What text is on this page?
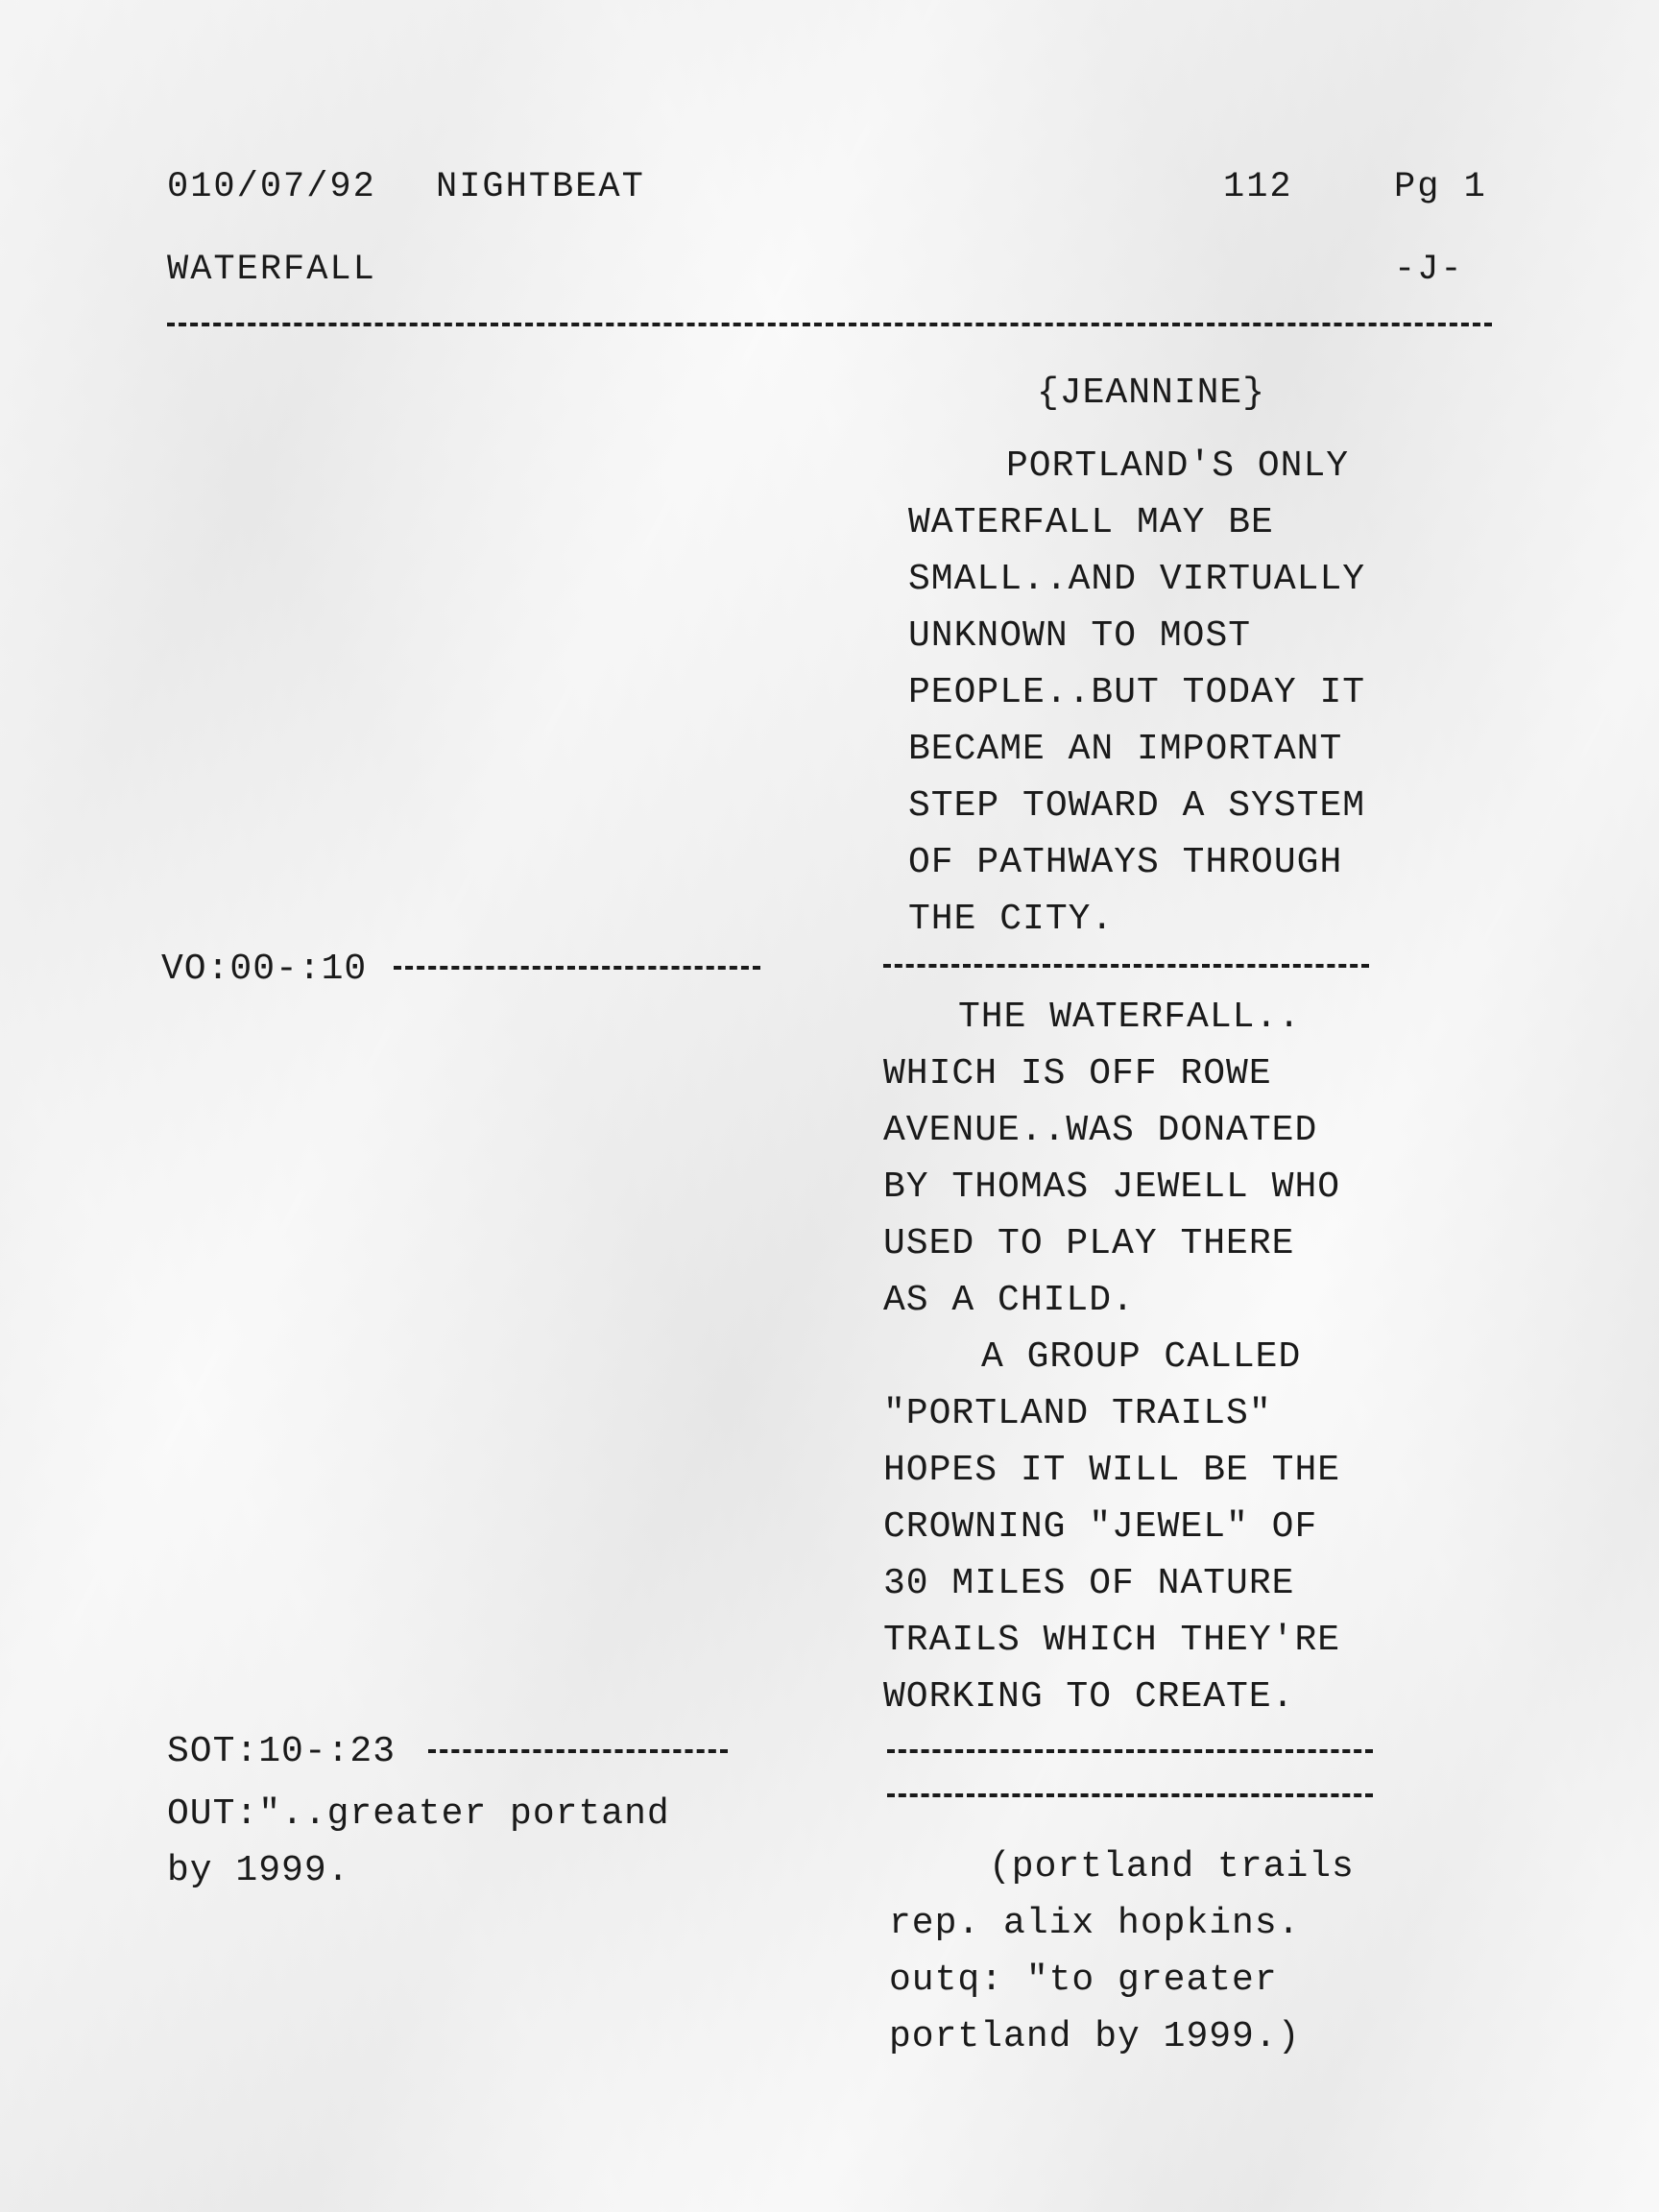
010/07/92 NIGHTBEAT	112	Pg 1
WATERFALL	-J-
{JEANNINE}
PORTLAND'S ONLY
WATERFALL MAY BE
SMALL..AND VIRTUALLY
UNKNOWN TO MOST
PEOPLE..BUT TODAY IT
BECAME AN IMPORTANT
STEP TOWARD A SYSTEM
OF PATHWAYS THROUGH
THE CITY.
VO:00-:10
THE WATERFALL..
WHICH IS OFF ROWE
AVENUE..WAS DONATED
BY THOMAS JEWELL WHO
USED TO PLAY THERE
AS A CHILD.
A GROUP CALLED
"PORTLAND TRAILS"
HOPES IT WILL BE THE
CROWNING "JEWEL" OF
30 MILES OF NATURE
TRAILS WHICH THEY'RE
WORKING TO CREATE.
SOT:10-:23
OUT:"..greater portand
by 1999.	(portland trails
rep. alix hopkins.
outq: "to greater
portland by 1999.)
